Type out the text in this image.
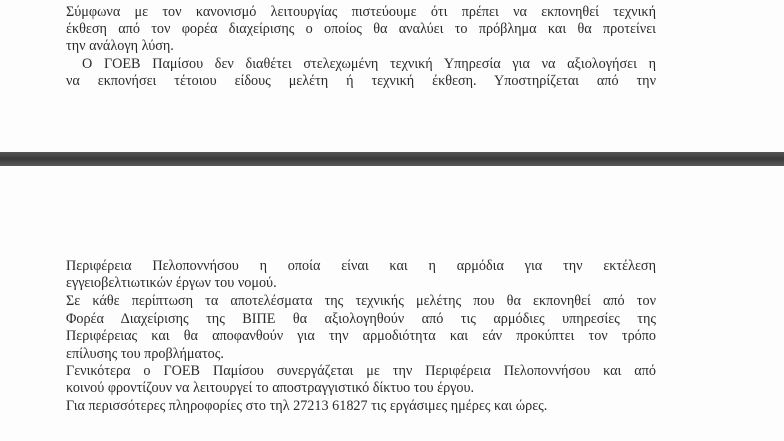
Σύμφωνα με τον κανονισμό λειτουργίας πιστεύουμε ότι πρέπει να εκπονηθεί τεχνική
έκθεση από τον φορέα διαχείρισης ο οποίος θα αναλύει το πρόβλημα και θα προτείνει
την ανάλογη λύση.
Ο ΓΟΕΒ Παμίσου δεν διαθέτει στελεχωμένη τεχνική Υπηρεσία για να αξιολογήσει η
να εκπονήσει τέτοιου είδους μελέτη ή τεχνική έκθεση. Υποστηρίζεται από την
Περιφέρεια Πελοποννήσου η οποία είναι και η αρμόδια για την εκτέλεση
εγγειοβελτιωτικών έργων του νομού.
Σε κάθε περίπτωση τα αποτελέσματα της τεχνικής μελέτης που θα εκπονηθεί από τον
Φορέα Διαχείρισης της ΒΙΠΕ θα αξιολογηθούν από τις αρμόδιες υπηρεσίες της
Περιφέρειας και θα αποφανθούν για την αρμοδιότητα και εάν προκύπτει τον τρόπο
επίλυσης του προβλήματος.
Γενικότερα ο ΓΟΕΒ Παμίσου συνεργάζεται με την Περιφέρεια Πελοποννήσου και από
κοινού φροντίζουν να λειτουργεί το αποστραγγιστικό δίκτυο του έργου.
Για περισσότερες πληροφορίες στο τηλ 27213 61827 τις εργάσιμες ημέρες και ώρες.
